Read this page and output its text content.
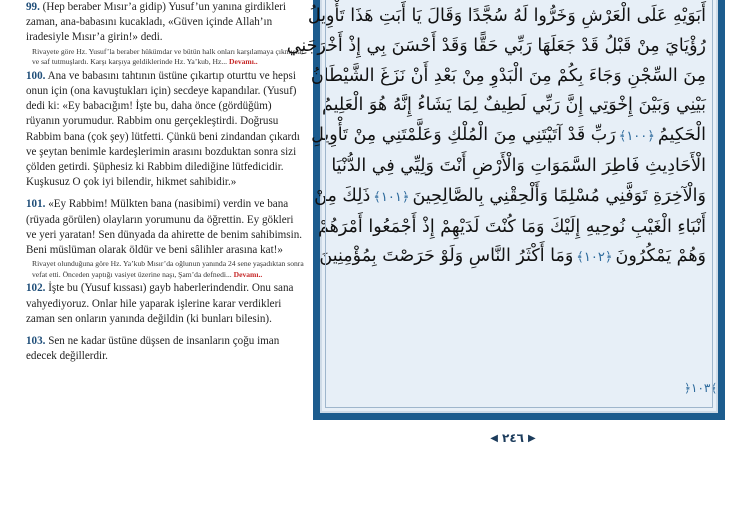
99. (Hep beraber Mısır’a gidip) Yusuf’un yanına girdikleri zaman, ana-babasını kucakladı, «Güven içinde Allah’ın iradesiyle Mısır’a girin!» dedi.

Rivayete göre Hz. Yusuf’la beraber hükümdar ve bütün halk onları karşılamaya çıkmışlar ve saf tutmuşlardı. Karşı karşıya geldiklerinde Hz. Ya’kub, Hz... Devamı..

100. Ana ve babasını tahtının üstüne çıkartıp oturttu ve hepsi onun için (ona kavuştukları için) secdeye kapandılar. (Yusuf) dedi ki: «Ey babacığım! İşte bu, daha önce (gördüğüm) rüyanın yorumudur. Rabbim onu gerçekleştirdi. Doğrusu Rabbim bana (çok şey) lütfetti. Çünkü beni zindandan çıkardı ve şeytan benimle kardeşlerimin arasını bozduktan sonra sizi çölden getirdi. Şüphesiz ki Rabbim dilediğine lütfedicidir. Kuşkusuz O çok iyi bilendir, hikmet sahibidir.»

101. «Ey Rabbim! Mülkten bana (nasibimi) verdin ve bana (rüyada görülen) olayların yorumunu da öğrettin. Ey gökleri ve yeri yaratan! Sen dünyada da ahirette de benim sahibimsin. Beni müslüman olarak öldür ve beni sâlihler arasına kat!»

Rivayet olunduğuna göre Hz. Ya’kub Mısır’da oğlunun yanında 24 sene yaşadıktan sonra vefat etti. Önceden yaptığı vasiyet üzerine naşı, Şam’da defnedi... Devamı..

102. İşte bu (Yusuf kıssası) gayb haberlerindendir. Onu sana vahyediyoruz. Onlar hile yaparak işlerine karar verdikleri zaman sen onların yanında değildin (ki bunları bilesin).

103. Sen ne kadar üstüne düşsen de insanların çoğu iman edecek değillerdir.

أَبَوَيْهِ عَلَى الْعَرْشِ وَخَرُّوا لَهُ سُجَّدًا وَقَالَ يَا أَبَتِ هَذَا تَأْوِيلُ
رُؤْيَايَ مِنْ قَبْلُ قَدْ جَعَلَهَا رَبِّي حَقًّا وَقَدْ أَحْسَنَ بِي إِذْ أَخْرَجَنِي
مِنَ السِّجْنِ وَجَاءَ بِكُمْ مِنَ الْبَدْوِ مِنْ بَعْدِ أَنْ نَزَغَ الشَّيْطَانُ
بَيْنِي وَبَيْنَ إِخْوَتِي إِنَّ رَبِّي لَطِيفٌ لِمَا يَشَاءُ إِنَّهُ هُوَ الْعَلِيمُ
الْحَكِيمُ﴿١٠٠﴾رَبِّ قَدْ آتَيْتَنِي مِنَ الْمُلْكِ وَعَلَّمْتَنِي مِنْ تَأْوِيلِ
الْأَحَادِيثِ فَاطِرَ السَّمَوَاتِ وَالْأَرْضِ أَنْتَ وَلِيِّي فِي الدُّنْيَا
وَالْآخِرَةِ تَوَفَّنِي مُسْلِمًا وَأَلْحِقْنِي بِالصَّالِحِينَ﴿١٠١﴾ذَلِكَ مِنْ
أَنْبَاءِ الْغَيْبِ نُوحِيهِ إِلَيْكَ وَمَا كُنْتَ لَدَيْهِمْ إِذْ أَجْمَعُوا أَمْرَهُمْ
وَهُمْ يَمْكُرُونَ﴿١٠٢﴾وَمَا أَكْثَرُ النَّاسِ وَلَوْ حَرَصْتَ بِمُؤْمِنِينَ
﴿١٠٣﴾
◀ ٢٤٦ ▶
